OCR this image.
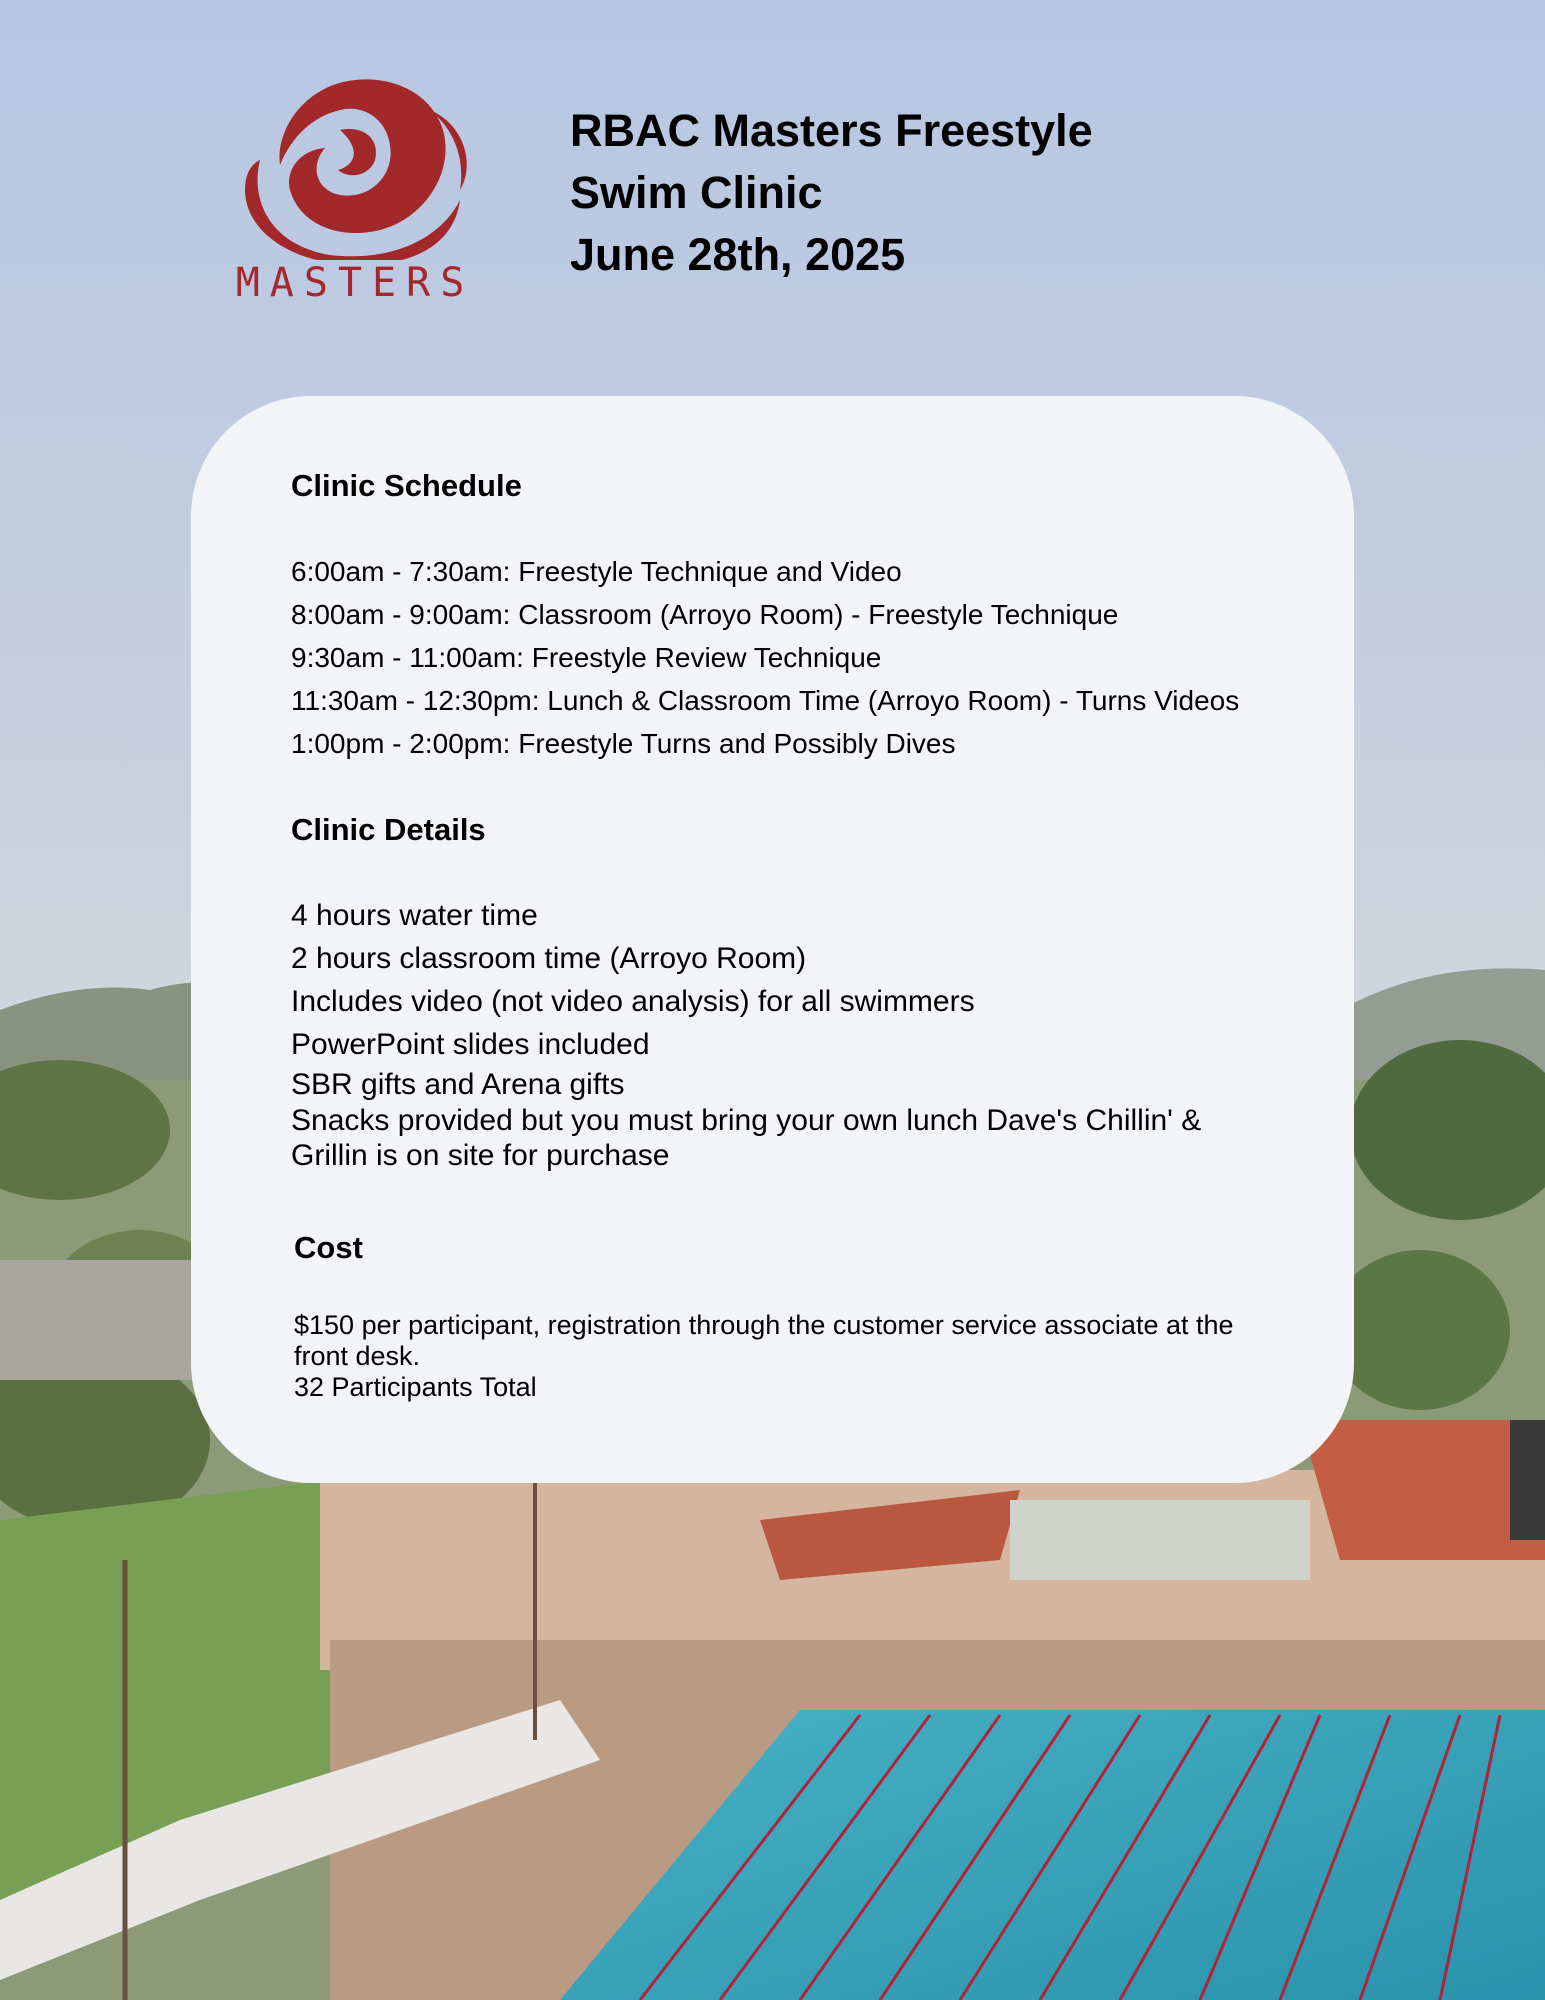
MASTERS
RBAC Masters Freestyle
Swim Clinic
June 28th, 2025
Clinic Schedule
6:00am - 7:30am: Freestyle Technique and Video
8:00am - 9:00am: Classroom (Arroyo Room) - Freestyle Technique
9:30am - 11:00am: Freestyle Review Technique
11:30am - 12:30pm: Lunch & Classroom Time (Arroyo Room) - Turns Videos
1:00pm - 2:00pm: Freestyle Turns and Possibly Dives
Clinic Details
4 hours water time
2 hours classroom time (Arroyo Room)
Includes video (not video analysis) for all swimmers
PowerPoint slides included
SBR gifts and Arena gifts
Snacks provided but you must bring your own lunch Dave's Chillin' & Grillin is on site for purchase
Cost
$150 per participant, registration through the customer service associate at the front desk.
32 Participants Total
